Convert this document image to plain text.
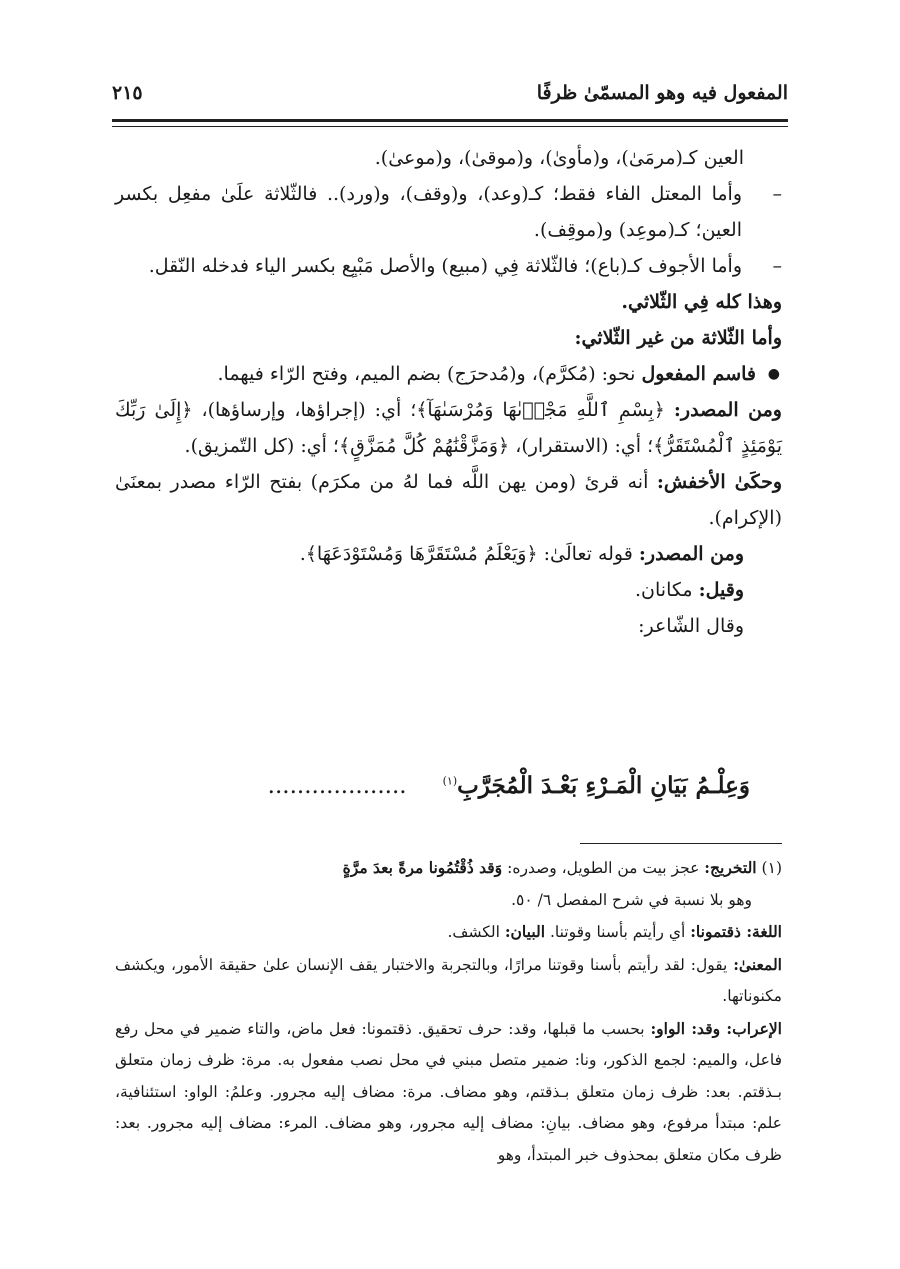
المفعول فيه وهو المسمّىٰ ظرفًا
٢١٥

العين كـ(مرمَىٰ)، و(مأوىٰ)، و(موقىٰ)، و(موعىٰ).

–
وأما المعتل الفاء فقط؛ كـ(وعد)، و(وقف)، و(ورد).. فالثّلاثة علَىٰ مفعِل بكسر العين؛ كـ(موعِد) و(موقِف).

–
وأما الأجوف كـ(باع)؛ فالثّلاثة فِي (مبيع) والأصل مَبْيِع بكسر الياء فدخله النّقل.

وهذا كله فِي الثّلاثي.

وأما الثّلاثة من غير الثّلاثي:

●
فاسم المفعول نحو: (مُكرَّم)، و(مُدحرَج) بضم الميم، وفتح الرّاء فيهما.

ومن المصدر: ﴿بِسْمِ ٱللَّهِ مَجْرٜىٰهَا وَمُرْسَىٰهَآ﴾؛ أي: (إجراؤها، وإرساؤها)، ﴿إِلَىٰ رَبِّكَ يَوْمَئِذٍ ٱلْمُسْتَقَرُّ﴾؛ أي: (الاستقرار)، ﴿وَمَزَّقْنَٰهُمْ كُلَّ مُمَزَّقٍ﴾؛ أي: (كل التّمزيق).

وحكَىٰ الأخفش: أنه قرئ (ومن يهن اللَّه فما لهُ من مكرَم) بفتح الرّاء مصدر بمعنَىٰ (الإكرام).

ومن المصدر: قوله تعالَىٰ: ﴿وَيَعْلَمُ مُسْتَقَرَّهَا وَمُسْتَوْدَعَهَا﴾.

وقيل: مكانان.

وقال الشّاعر:

وَعِلْـمُ بَيَانِ الْمَـرْءِ بَعْـدَ الْمُجَرَّبِ$^{(١)}$ ...................

(١) التخريج: عجز بيت من الطويل، وصدره: وَقد ذُقْتُمُونا مرةً بعدَ مرَّةٍ

وهو بلا نسبة في شرح المفصل ٦/ ٥٠.

اللغة: ذقتمونا: أي رأيتم بأسنا وقوتنا. البيان: الكشف.

المعنىٰ: يقول: لقد رأيتم بأسنا وقوتنا مرارًا، وبالتجربة والاختبار يقف الإنسان علىٰ حقيقة الأمور، ويكشف مكنوناتها.

الإعراب: وقد: الواو: بحسب ما قبلها، وقد: حرف تحقيق. ذقتمونا: فعل ماض، والتاء ضمير في محل رفع فاعل، والميم: لجمع الذكور، ونا: ضمير متصل مبني في محل نصب مفعول به. مرة: ظرف زمان متعلق بـذقتم. بعد: ظرف زمان متعلق بـذقتم، وهو مضاف. مرة: مضاف إليه مجرور. وعلمُ: الواو: استئنافية، علم: مبتدأ مرفوع، وهو مضاف. بيانِ: مضاف إليه مجرور، وهو مضاف. المرء: مضاف إليه مجرور. بعد: ظرف مكان متعلق بمحذوف خبر المبتدأ، وهو
